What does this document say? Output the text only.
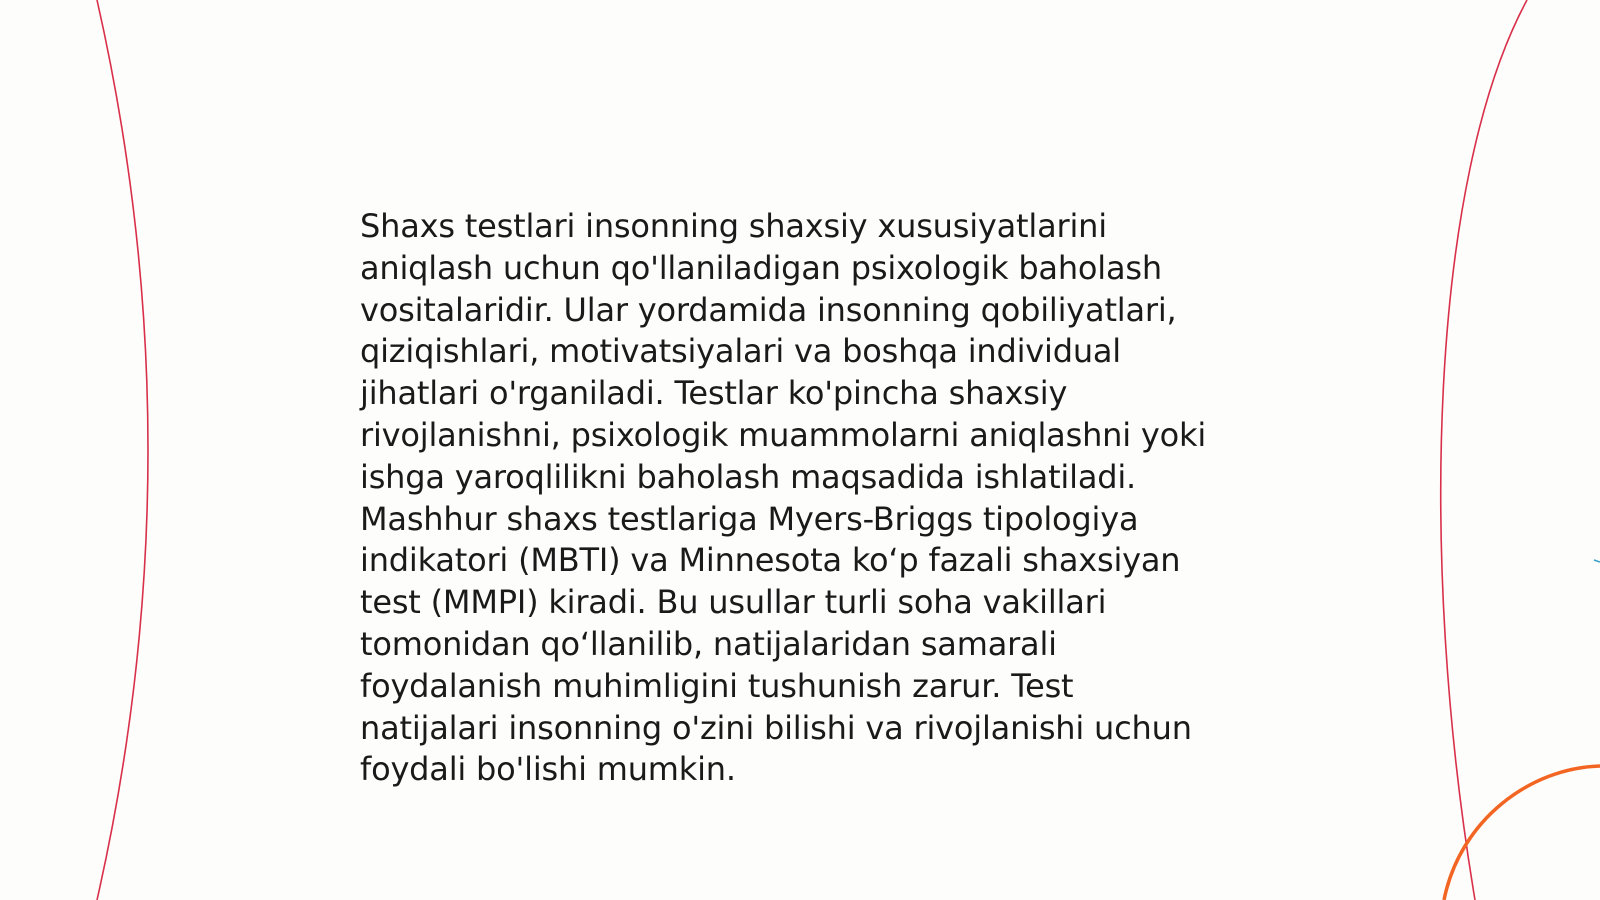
Shaxs testlari insonning shaxsiy xususiyatlarini
aniqlash uchun qo'llaniladigan psixologik baholash
vositalaridir. Ular yordamida insonning qobiliyatlari,
qiziqishlari, motivatsiyalari va boshqa individual
jihatlari o'rganiladi. Testlar ko'pincha shaxsiy
rivojlanishni, psixologik muammolarni aniqlashni yoki
ishga yaroqlilikni baholash maqsadida ishlatiladi.
Mashhur shaxs testlariga Myers-Briggs tipologiya
indikatori (MBTI) va Minnesota ko‘p fazali shaxsiyan
test (MMPI) kiradi. Bu usullar turli soha vakillari
tomonidan qo‘llanilib, natijalaridan samarali
foydalanish muhimligini tushunish zarur. Test
natijalari insonning o'zini bilishi va rivojlanishi uchun
foydali bo'lishi mumkin.
